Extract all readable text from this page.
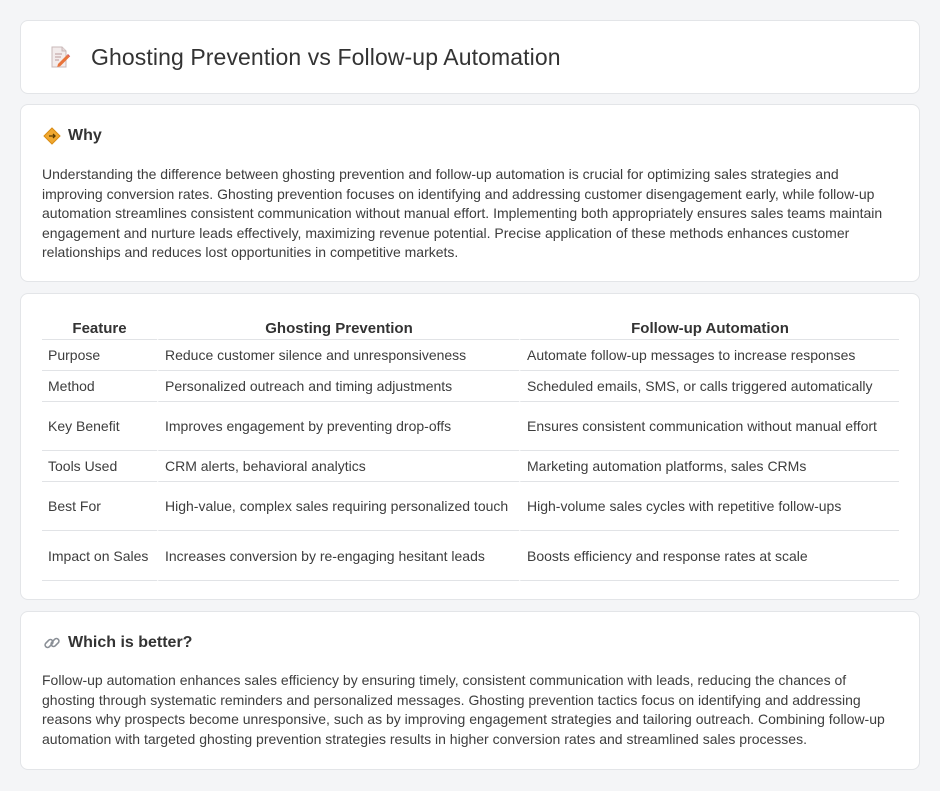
Ghosting Prevention vs Follow-up Automation
Why

Understanding the difference between ghosting prevention and follow-up automation is crucial for optimizing sales strategies and improving conversion rates. Ghosting prevention focuses on identifying and addressing customer disengagement early, while follow-up automation streamlines consistent communication without manual effort. Implementing both appropriately ensures sales teams maintain engagement and nurture leads effectively, maximizing revenue potential. Precise application of these methods enhances customer relationships and reduces lost opportunities in competitive markets.

Feature	Ghosting Prevention	Follow-up Automation
Purpose	Reduce customer silence and unresponsiveness	Automate follow-up messages to increase responses
Method	Personalized outreach and timing adjustments	Scheduled emails, SMS, or calls triggered automatically
Key Benefit	Improves engagement by preventing drop-offs	Ensures consistent communication without manual effort
Tools Used	CRM alerts, behavioral analytics	Marketing automation platforms, sales CRMs
Best For	High-value, complex sales requiring personalized touch	High-volume sales cycles with repetitive follow-ups
Impact on Sales	Increases conversion by re-engaging hesitant leads	Boosts efficiency and response rates at scale
Which is better?

Follow-up automation enhances sales efficiency by ensuring timely, consistent communication with leads, reducing the chances of ghosting through systematic reminders and personalized messages. Ghosting prevention tactics focus on identifying and addressing reasons why prospects become unresponsive, such as by improving engagement strategies and tailoring outreach. Combining follow-up automation with targeted ghosting prevention strategies results in higher conversion rates and streamlined sales processes.
